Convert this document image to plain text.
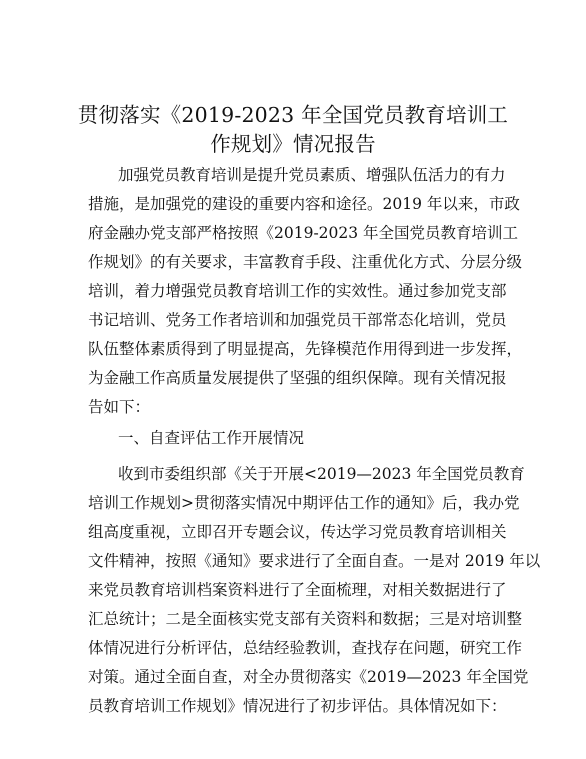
贯彻落实《2019-2023 年全国党员教育培训工
作规划》情况报告
加强党员教育培训是提升党员素质、增强队伍活力的有力
措施，是加强党的建设的重要内容和途径。2019 年以来，市政
府金融办党支部严格按照《2019-2023 年全国党员教育培训工
作规划》的有关要求，丰富教育手段、注重优化方式、分层分级
培训，着力增强党员教育培训工作的实效性。通过参加党支部
书记培训、党务工作者培训和加强党员干部常态化培训，党员
队伍整体素质得到了明显提高，先锋模范作用得到进一步发挥，
为金融工作高质量发展提供了坚强的组织保障。现有关情况报
告如下：
一、自查评估工作开展情况
收到市委组织部《关于开展<2019—2023 年全国党员教育
培训工作规划>贯彻落实情况中期评估工作的通知》后，我办党
组高度重视，立即召开专题会议，传达学习党员教育培训相关
文件精神，按照《通知》要求进行了全面自查。一是对 2019 年以
来党员教育培训档案资料进行了全面梳理，对相关数据进行了
汇总统计；二是全面核实党支部有关资料和数据；三是对培训整
体情况进行分析评估，总结经验教训，查找存在问题，研究工作
对策。通过全面自查，对全办贯彻落实《2019—2023 年全国党
员教育培训工作规划》情况进行了初步评估。具体情况如下：
